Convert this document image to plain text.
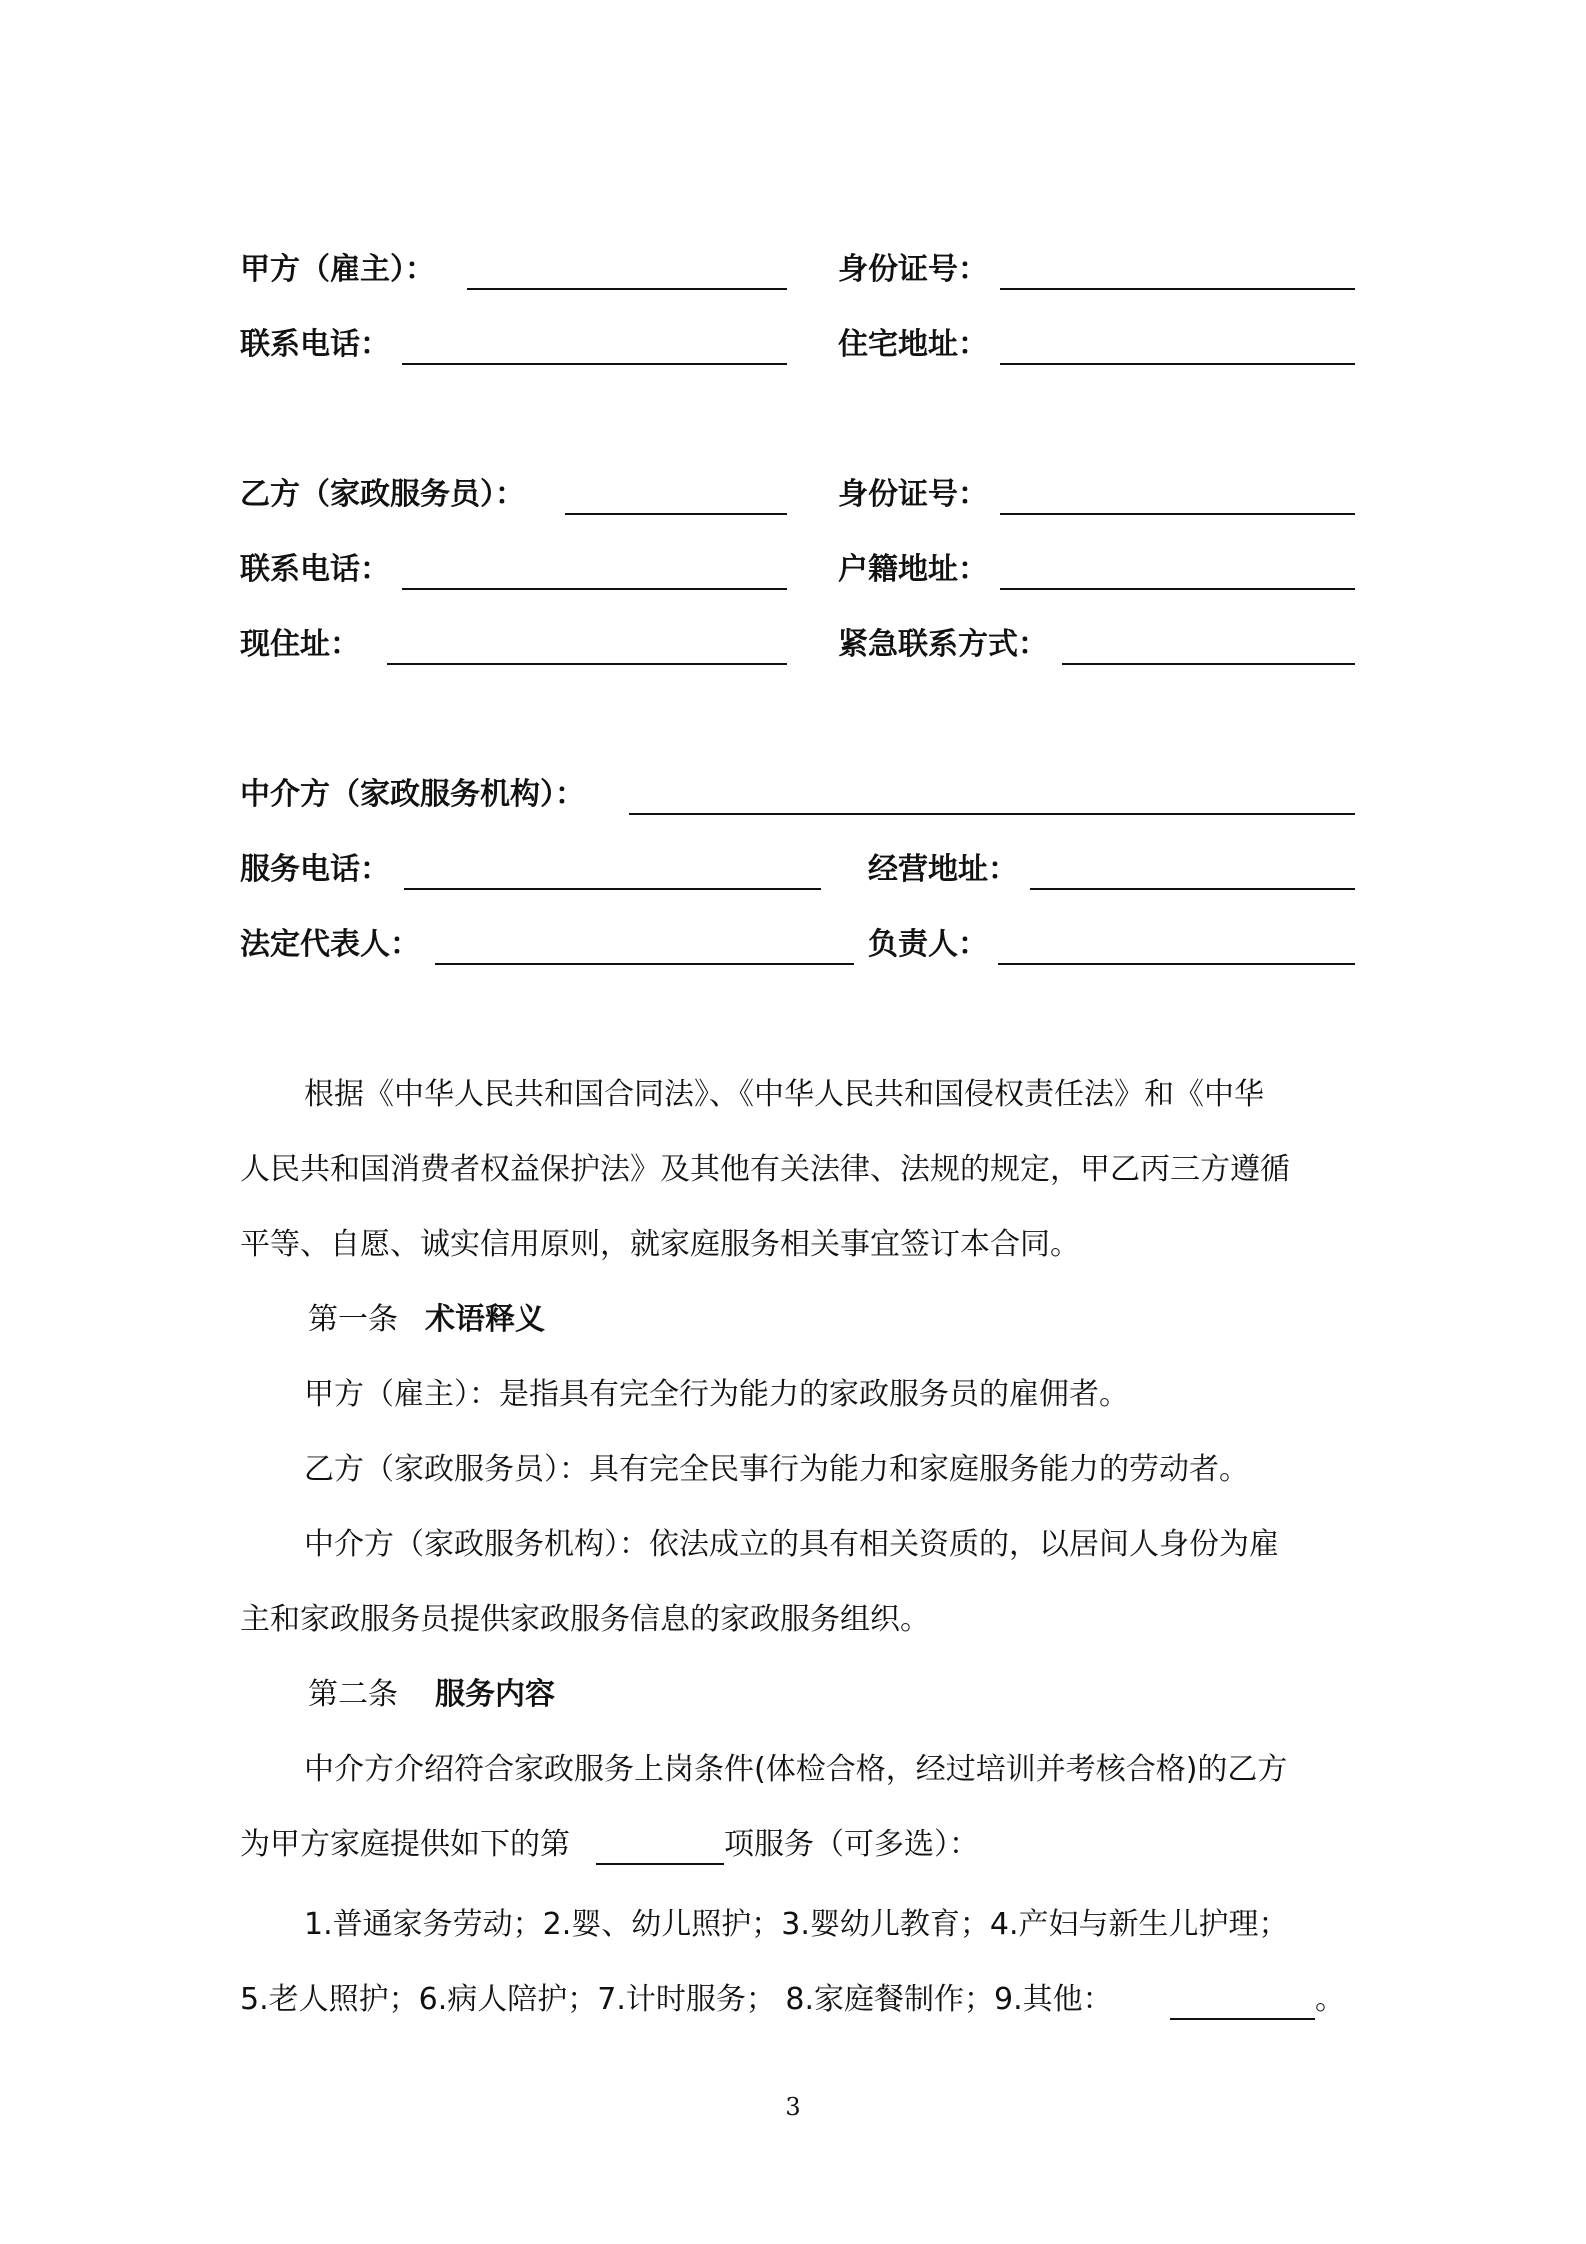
甲方（雇主）：	身份证号：
联系电话：	住宅地址：
乙方（家政服务员）：	身份证号：
联系电话：	户籍地址：
现住址：	紧急联系方式：
中介方（家政服务机构）：
服务电话：	经营地址：
法定代表人：	负责人：
根据《中华人民共和国合同法》、《中华人民共和国侵权责任法》和《中华
人民共和国消费者权益保护法》及其他有关法律、法规的规定，甲乙丙三方遵循
平等、自愿、诚实信用原则，就家庭服务相关事宜签订本合同。
第一条 术语释义
甲方（雇主）：是指具有完全行为能力的家政服务员的雇佣者。
乙方（家政服务员）：具有完全民事行为能力和家庭服务能力的劳动者。
中介方（家政服务机构）：依法成立的具有相关资质的，以居间人身份为雇
主和家政服务员提供家政服务信息的家政服务组织。
第二条 服务内容
中介方介绍符合家政服务上岗条件(体检合格，经过培训并考核合格)的乙方
为甲方家庭提供如下的第	项服务（可多选）：
1.普通家务劳动；2.婴、幼儿照护；3.婴幼儿教育；4.产妇与新生儿护理；
5.老人照护；6.病人陪护；7.计时服务； 8.家庭餐制作；9.其他：	。
3
